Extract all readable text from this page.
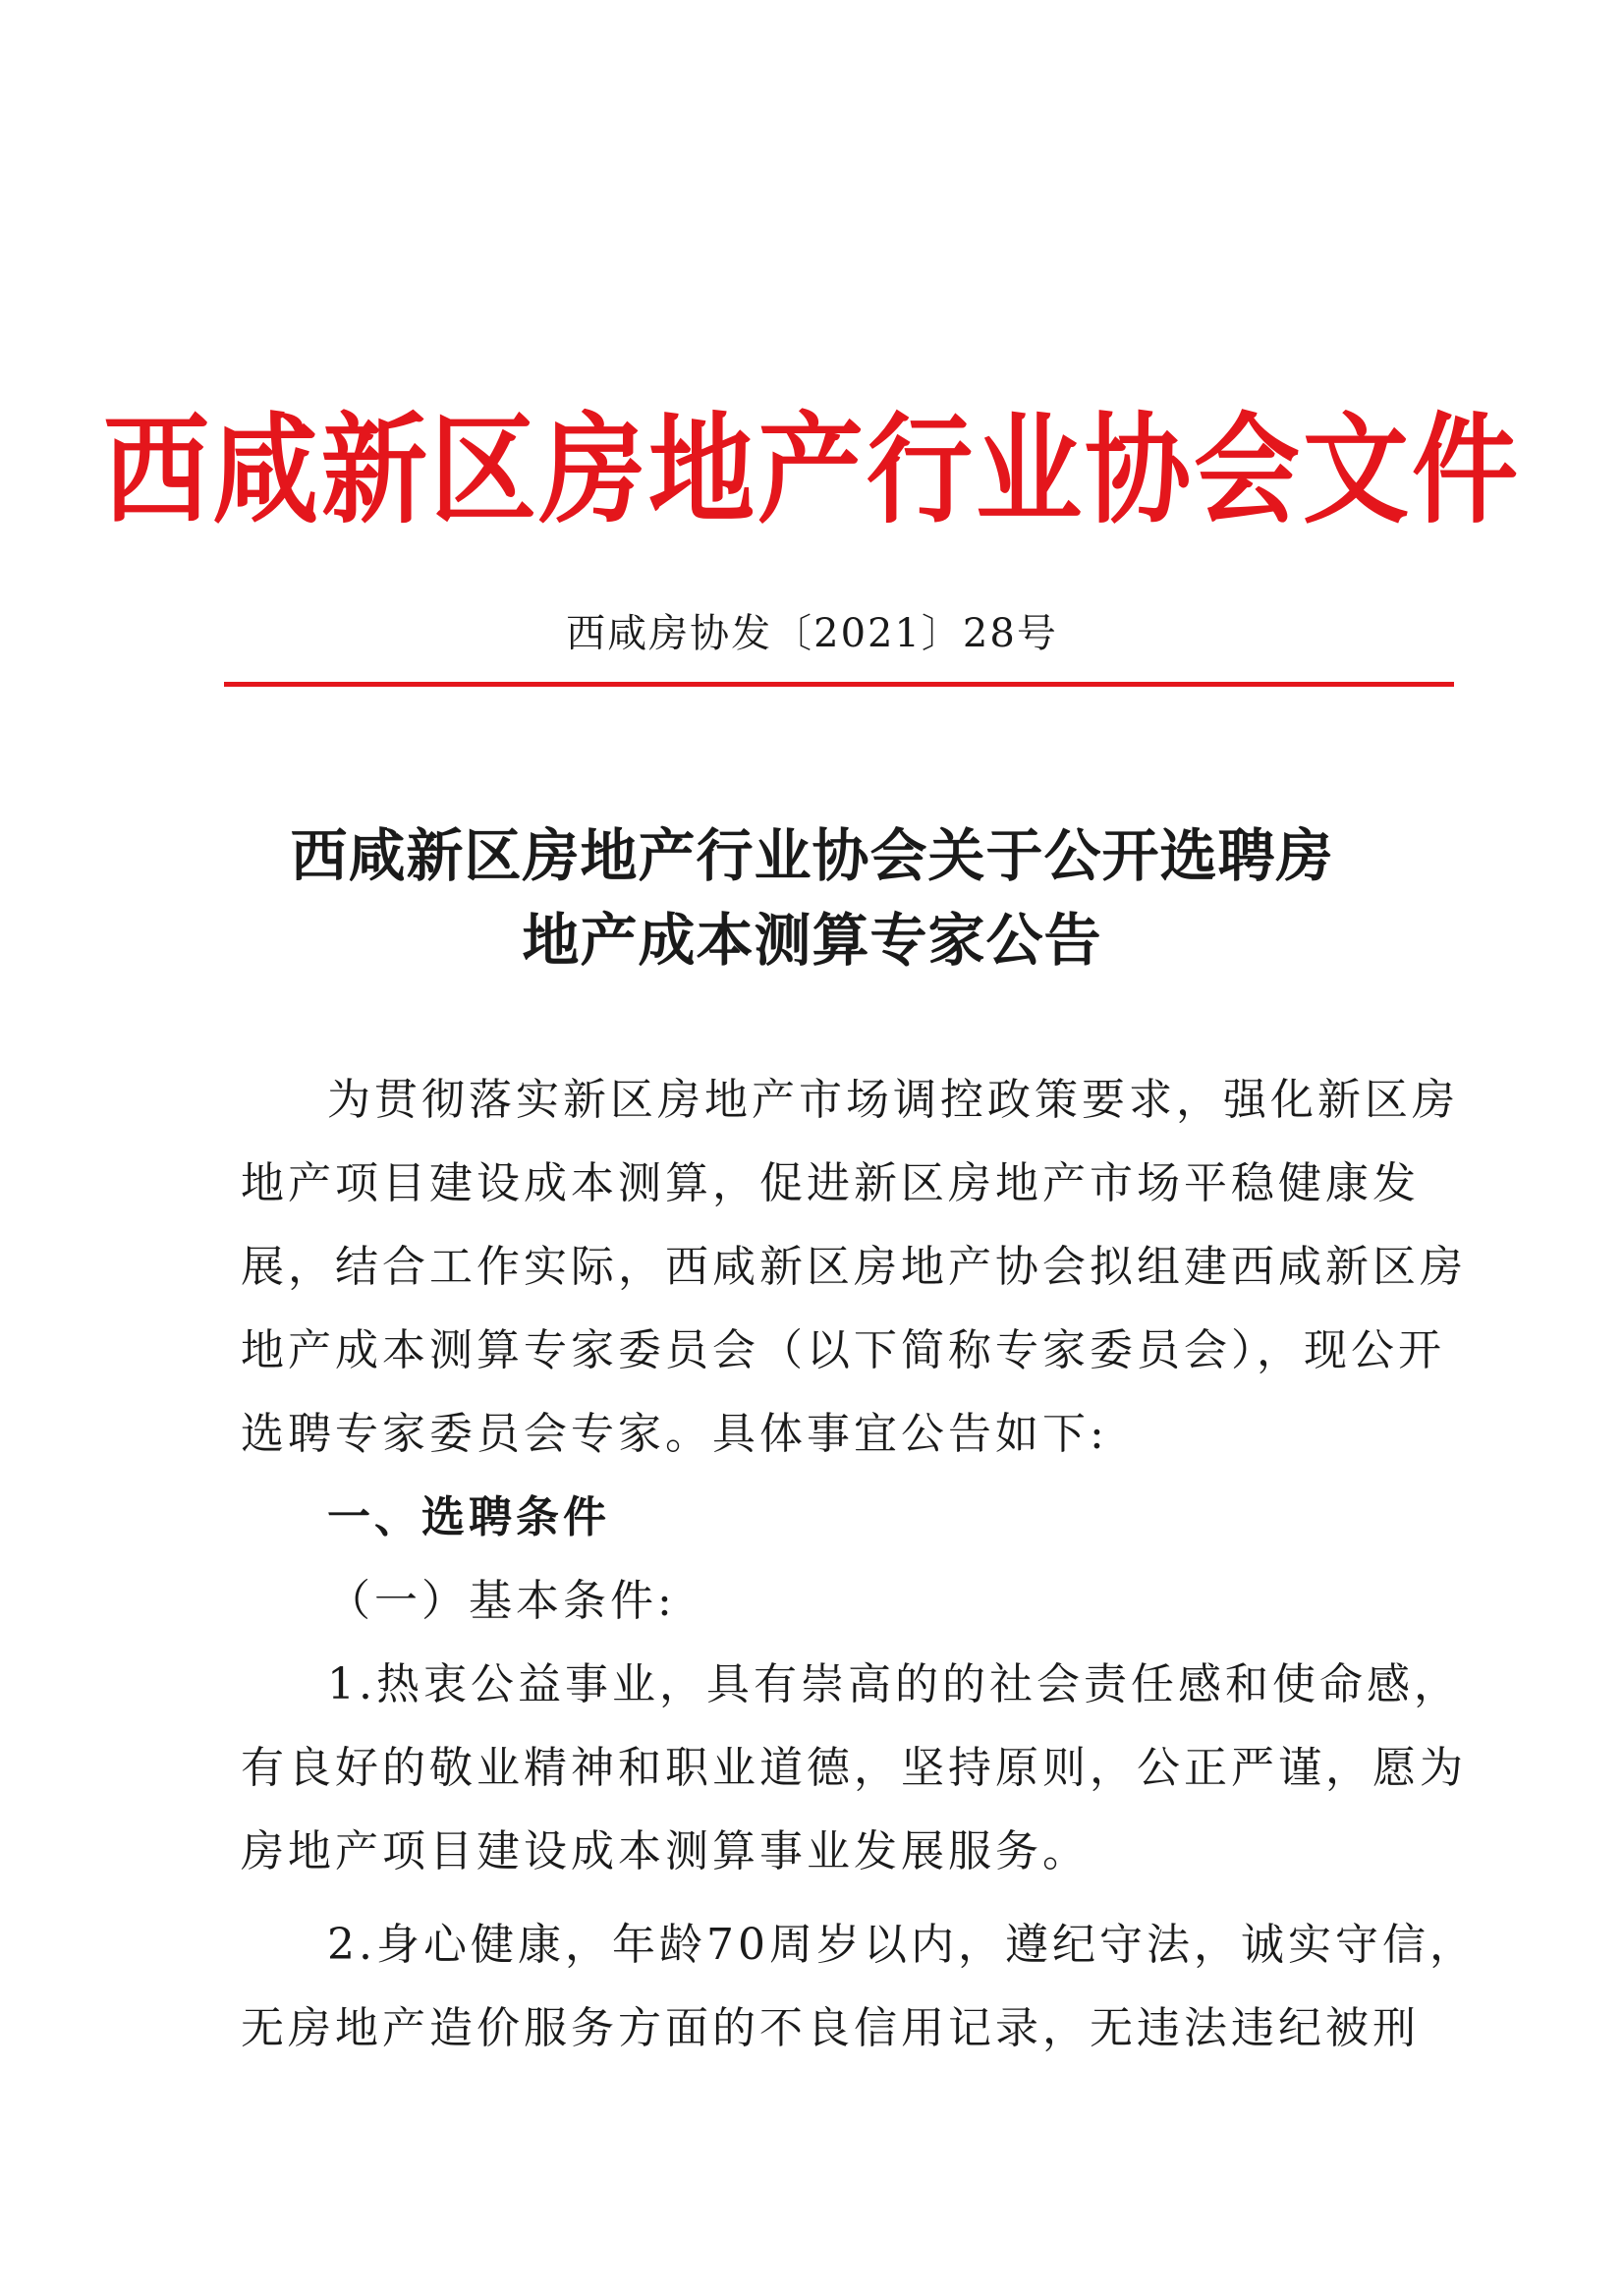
西咸新区房地产行业协会文件
西咸房协发〔2021〕28号
西咸新区房地产行业协会关于公开选聘房
地产成本测算专家公告
为贯彻落实新区房地产市场调控政策要求，强化新区房
地产项目建设成本测算，促进新区房地产市场平稳健康发
展，结合工作实际，西咸新区房地产协会拟组建西咸新区房
地产成本测算专家委员会（以下简称专家委员会），现公开
选聘专家委员会专家。具体事宜公告如下:
一、选聘条件
（一）基本条件:
1.热衷公益事业，具有崇高的的社会责任感和使命感，
有良好的敬业精神和职业道德，坚持原则，公正严谨，愿为
房地产项目建设成本测算事业发展服务。
2.身心健康，年龄70周岁以内，遵纪守法，诚实守信，
无房地产造价服务方面的不良信用记录，无违法违纪被刑
